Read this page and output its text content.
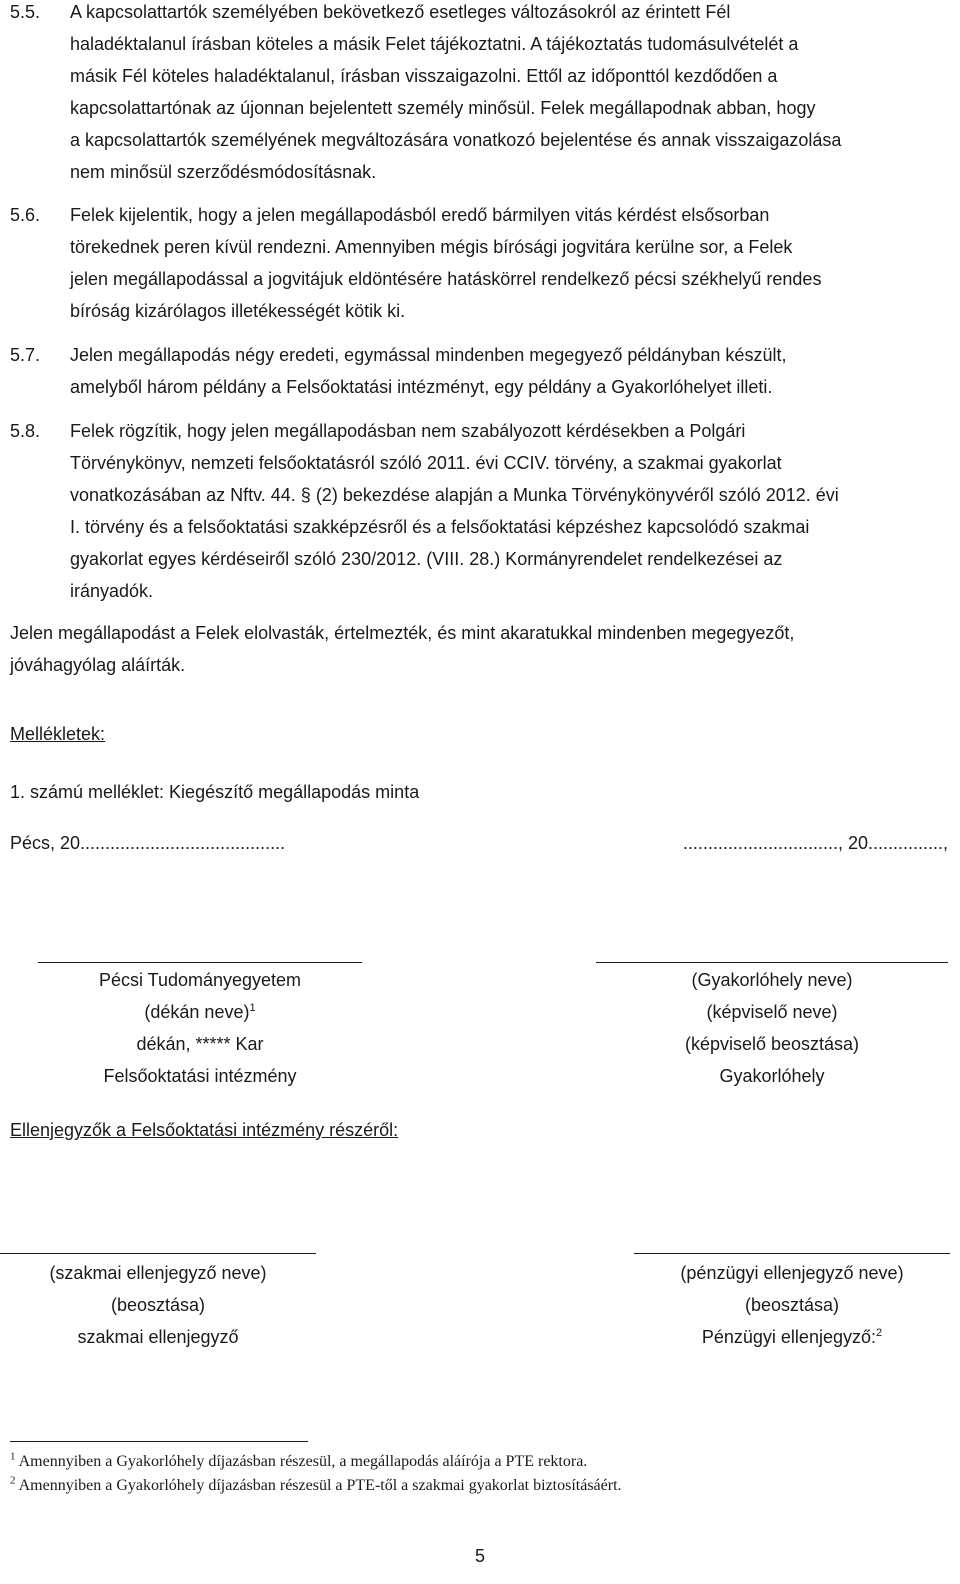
5.5.	A kapcsolattartók személyében bekövetkező esetleges változásokról az érintett Fél
haladéktalanul írásban köteles a másik Felet tájékoztatni. A tájékoztatás tudomásulvételét a
másik Fél köteles haladéktalanul, írásban visszaigazolni. Ettől az időponttól kezdődően a
kapcsolattartónak az újonnan bejelentett személy minősül. Felek megállapodnak abban, hogy
a kapcsolattartók személyének megváltozására vonatkozó bejelentése és annak visszaigazolása
nem minősül szerződésmódosításnak.
5.6.	Felek kijelentik, hogy a jelen megállapodásból eredő bármilyen vitás kérdést elsősorban
törekednek peren kívül rendezni. Amennyiben mégis bírósági jogvitára kerülne sor, a Felek
jelen megállapodással a jogvitájuk eldöntésére hatáskörrel rendelkező pécsi székhelyű rendes
bíróság kizárólagos illetékességét kötik ki.
5.7.	Jelen megállapodás négy eredeti, egymással mindenben megegyező példányban készült,
amelyből három példány a Felsőoktatási intézményt, egy példány a Gyakorlóhelyet illeti.
5.8.	Felek rögzítik, hogy jelen megállapodásban nem szabályozott kérdésekben a Polgári
Törvénykönyv, nemzeti felsőoktatásról szóló 2011. évi CCIV. törvény, a szakmai gyakorlat
vonatkozásában az Nftv. 44. § (2) bekezdése alapján a Munka Törvénykönyvéről szóló 2012. évi
I. törvény és a felsőoktatási szakképzésről és a felsőoktatási képzéshez kapcsolódó szakmai
gyakorlat egyes kérdéseiről szóló 230/2012. (VIII. 28.) Kormányrendelet rendelkezései az
irányadók.
Jelen megállapodást a Felek elolvasták, értelmezték, és mint akaratukkal mindenben megegyezőt,
jóváhagyólag aláírták.
Mellékletek:
1. számú melléklet: Kiegészítő megállapodás minta
Pécs, 20.........................................	..............................., 20...............,
Pécsi Tudományegyetem
(dékán neve)$^1$
dékán, ***** Kar
Felsőoktatási intézmény
(Gyakorlóhely neve)
(képviselő neve)
(képviselő beosztása)
Gyakorlóhely
Ellenjegyzők a Felsőoktatási intézmény részéről:
(szakmai ellenjegyző neve)
(beosztása)
szakmai ellenjegyző
(pénzügyi ellenjegyző neve)
(beosztása)
Pénzügyi ellenjegyző:$^2$
$^1$ Amennyiben a Gyakorlóhely díjazásban részesül, a megállapodás aláírója a PTE rektora.
$^2$ Amennyiben a Gyakorlóhely díjazásban részesül a PTE-től a szakmai gyakorlat biztosításáért.
5
